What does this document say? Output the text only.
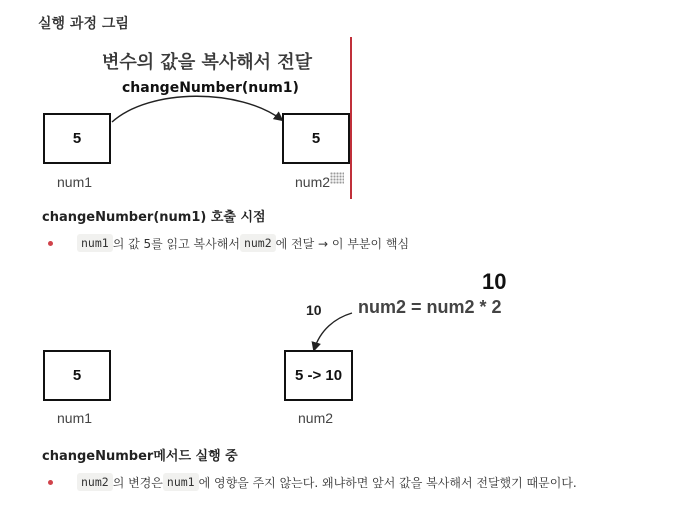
실행 과정 그림
변수의 값을 복사해서 전달
changeNumber(num1)
5
num1
5
num2
changeNumber(num1) 호출 시점
num1 의 값 5를 읽고 복사해서 num2 에 전달 → 이 부분이 핵심
10
num2 = num2 * 2
10
5
num1
5 -> 10
num2
changeNumber메서드 실행 중
num2 의 변경은 num1 에 영향을 주지 않는다. 왜냐하면 앞서 값을 복사해서 전달했기 때문이다.
